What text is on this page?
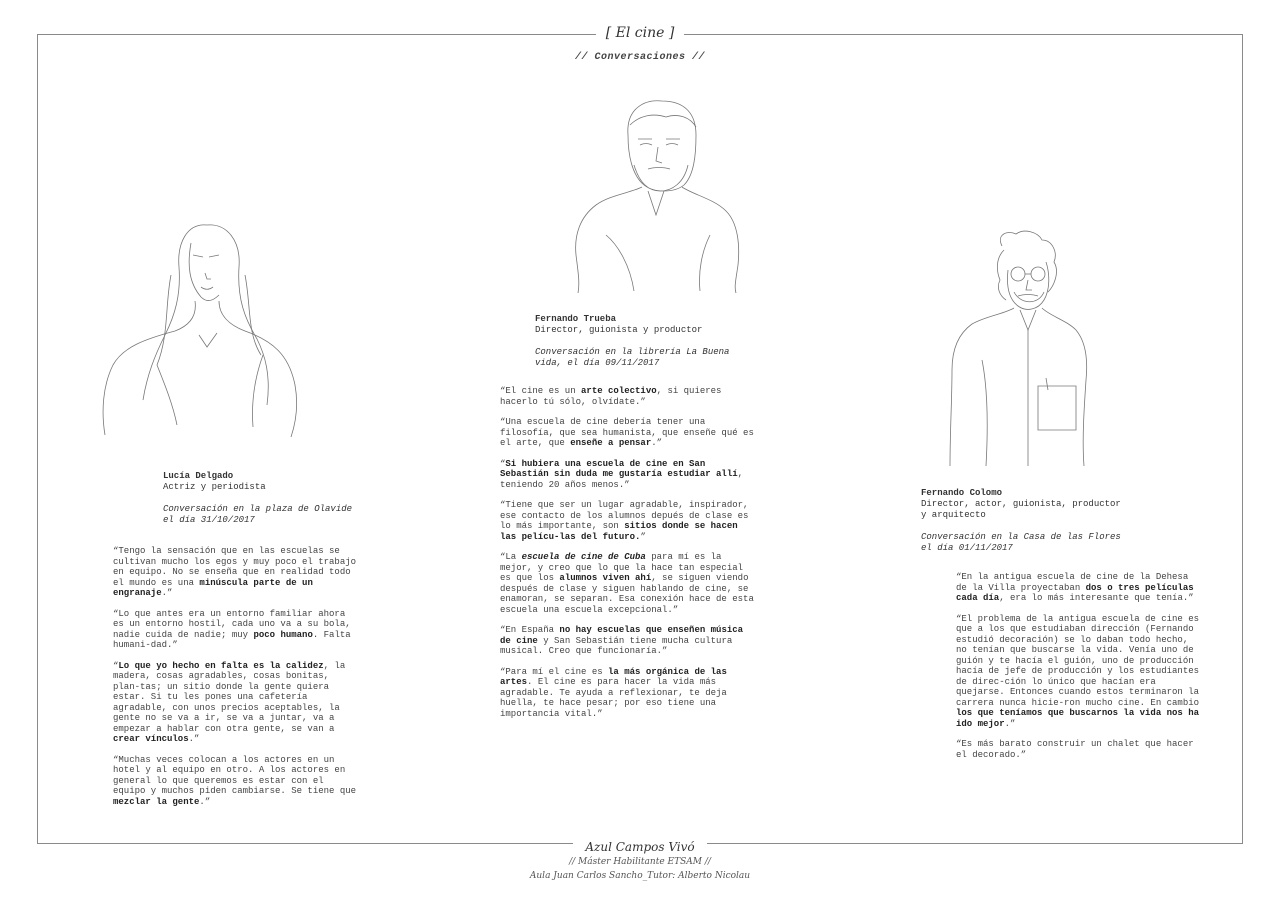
[ El cine ]
// Conversaciones //
Lucía Delgado
Actriz y periodista
Conversación en la plaza de Olavide el día 31/10/2017
Fernando Trueba
Director, guionista y productor
Conversación en la librería La Buena vida, el día 09/11/2017
Fernando Colomo
Director, actor, guionista, productor y arquitecto
Conversación en la Casa de las Flores el día 01/11/2017

“Tengo la sensación que en las escuelas se cultivan mucho los egos y muy poco el trabajo en equipo. No se enseña que en realidad todo el mundo es una minúscula parte de un engranaje.”

“Lo que antes era un entorno familiar ahora es un entorno hostil, cada uno va a su bola, nadie cuida de nadie; muy poco humano. Falta humani-dad.”

“Lo que yo hecho en falta es la calidez, la madera, cosas agradables, cosas bonitas, plan-tas; un sitio donde la gente quiera estar. Si tu les pones una cafetería agradable, con unos precios aceptables, la gente no se va a ir, se va a juntar, va a empezar a hablar con otra gente, se van a crear vínculos.”

“Muchas veces colocan a los actores en un hotel y al equipo en otro. A los actores en general lo que queremos es estar con el equipo y muchos piden cambiarse. Se tiene que mezclar la gente.”

“El cine es un arte colectivo, si quieres hacerlo tú sólo, olvídate.”

“Una escuela de cine debería tener una filosofía, que sea humanista, que enseñe qué es el arte, que enseñe a pensar.”

“Si hubiera una escuela de cine en San Sebastián sin duda me gustaría estudiar allí, teniendo 20 años menos.”

“Tiene que ser un lugar agradable, inspirador, ese contacto de los alumnos depués de clase es lo más importante, son sitios donde se hacen las pelícu-las del futuro.”

“La escuela de cine de Cuba para mí es la mejor, y creo que lo que la hace tan especial es que los alumnos viven ahí, se siguen viendo después de clase y siguen hablando de cine, se enamoran, se separan. Esa conexión hace de esta escuela una escuela excepcional.”

“En España no hay escuelas que enseñen música de cine y San Sebastián tiene mucha cultura musical. Creo que funcionaría.”

“Para mí el cine es la más orgánica de las artes. El cine es para hacer la vida más agradable. Te ayuda a reflexionar, te deja huella, te hace pesar; por eso tiene una importancia vital.”

“En la antigua escuela de cine de la Dehesa de la Villa proyectaban dos o tres películas cada día, era lo más interesante que tenía.”

“El problema de la antigua escuela de cine es que a los que estudiaban dirección (Fernando estudió decoración) se lo daban todo hecho, no tenían que buscarse la vida. Venía uno de guión y te hacía el guión, uno de producción hacía de jefe de producción y los estudiantes de direc-ción lo único que hacían era quejarse. Entonces cuando estos terminaron la carrera nunca hicie-ron mucho cine. En cambio los que teníamos que buscarnos la vida nos ha ido mejor.”

“Es más barato construir un chalet que hacer el decorado.”

Azul Campos Vivó
// Máster Habilitante ETSAM //
Aula Juan Carlos Sancho_Tutor: Alberto Nicolau
